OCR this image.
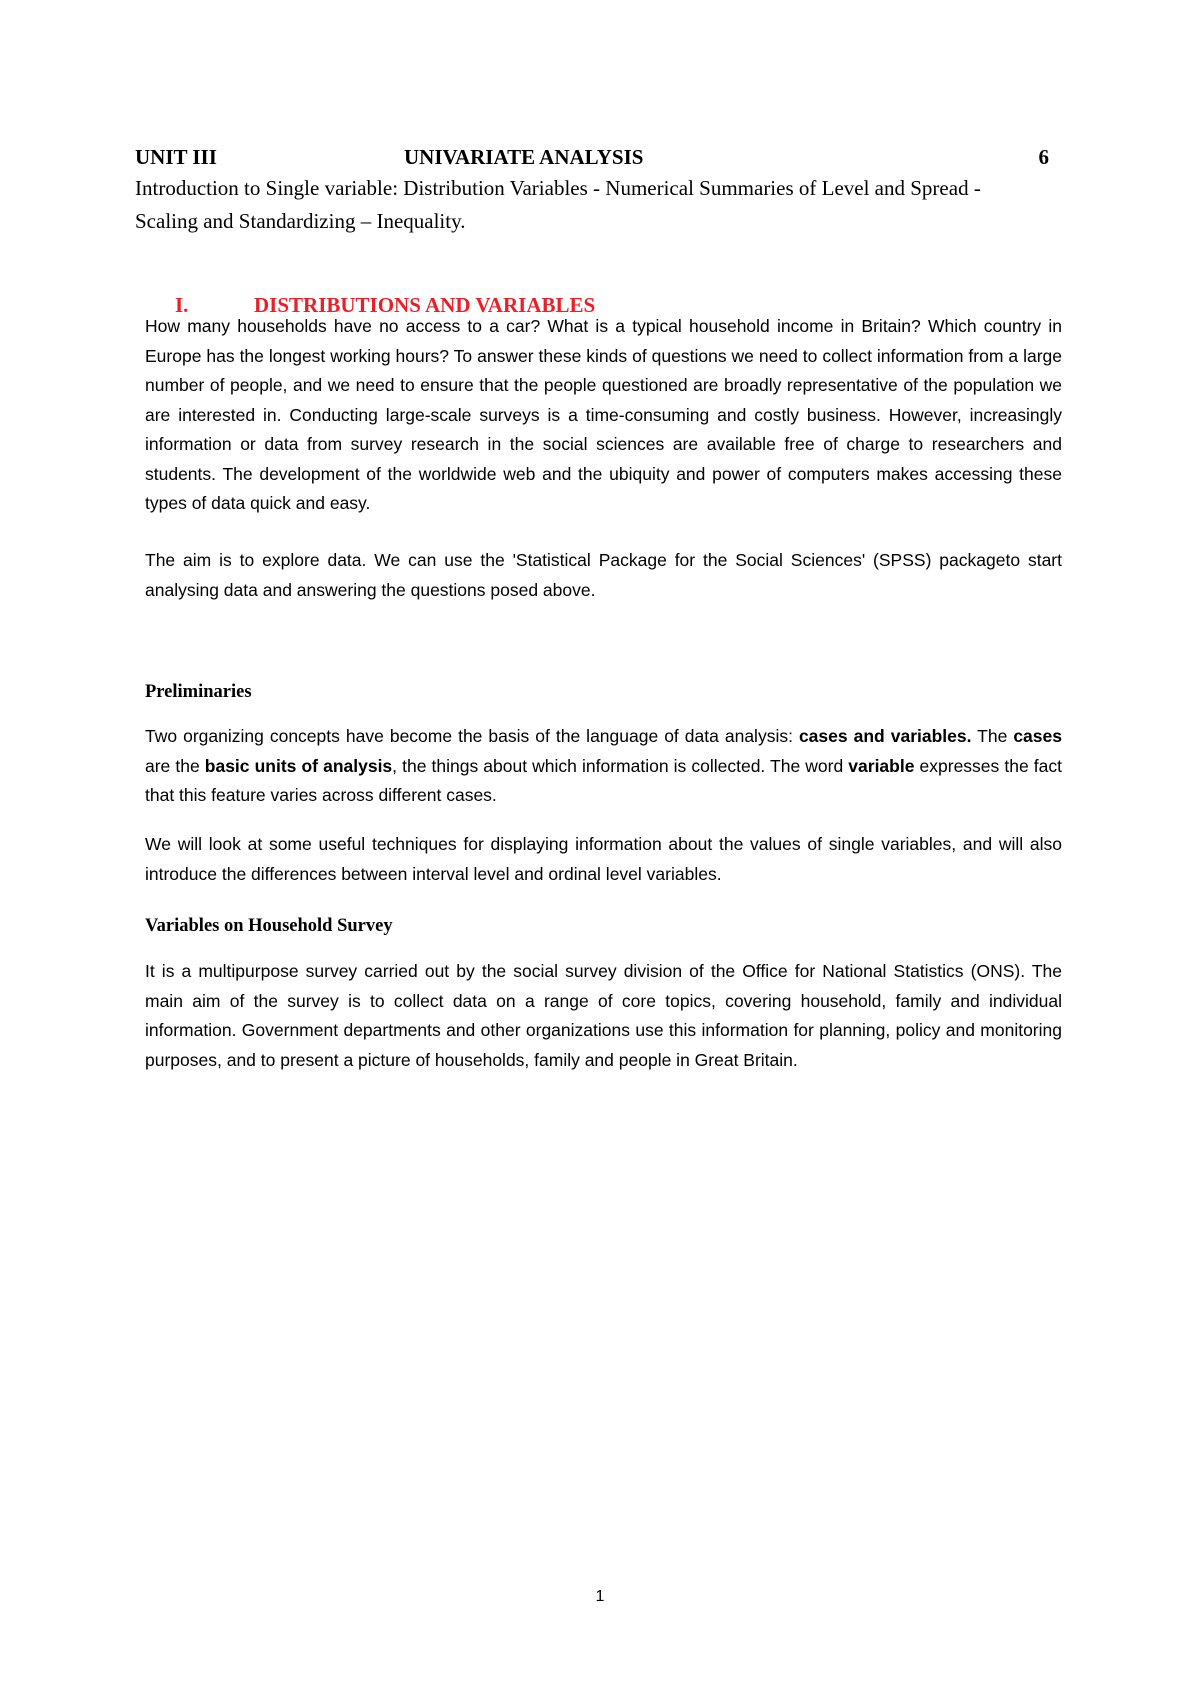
UNIT III	UNIVARIATE ANALYSIS	6

Introduction to Single variable: Distribution Variables - Numerical Summaries of Level and Spread - Scaling and Standardizing – Inequality.

I.	DISTRIBUTIONS AND VARIABLES

How many households have no access to a car? What is a typical household income in Britain? Which country in Europe has the longest working hours? To answer these kinds of questions we need to collect information from a large number of people, and we need to ensure that the people questioned are broadly representative of the population we are interested in. Conducting large-scale surveys is a time-consuming and costly business. However, increasingly information or data from survey research in the social sciences are available free of charge to researchers and students. The development of the worldwide web and the ubiquity and power of computers makes accessing these types of data quick and easy.

The aim is to explore data. We can use the 'Statistical Package for the Social Sciences' (SPSS) packageto start analysing data and answering the questions posed above.

Preliminaries

Two organizing concepts have become the basis of the language of data analysis: cases and variables. The cases are the basic units of analysis, the things about which information is collected. The word variable expresses the fact that this feature varies across different cases.

We will look at some useful techniques for displaying information about the values of single variables, and will also introduce the differences between interval level and ordinal level variables.

Variables on Household Survey

It is a multipurpose survey carried out by the social survey division of the Office for National Statistics (ONS). The main aim of the survey is to collect data on a range of core topics, covering household, family and individual information. Government departments and other organizations use this information for planning, policy and monitoring purposes, and to present a picture of households, family and people in Great Britain.

1
